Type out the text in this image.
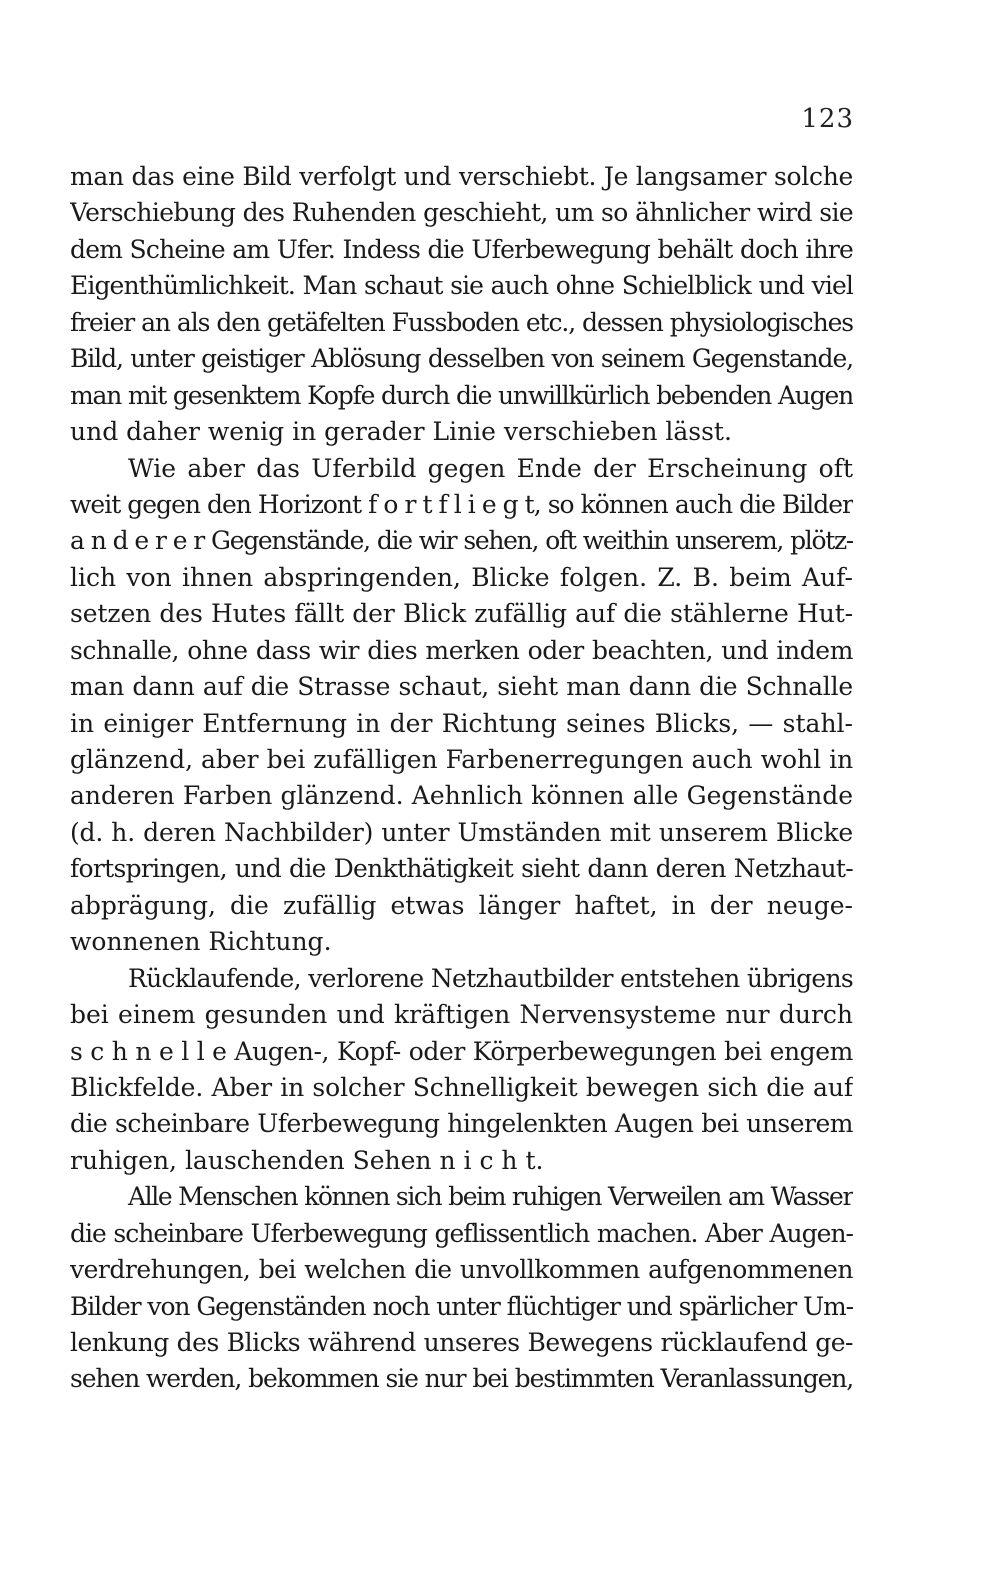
123
man das eine Bild verfolgt und verschiebt. Je langsamer solche
Verschiebung des Ruhenden geschieht, um so ähnlicher wird sie
dem Scheine am Ufer. Indess die Uferbewegung behält doch ihre
Eigenthümlichkeit. Man schaut sie auch ohne Schielblick und viel
freier an als den getäfelten Fussboden etc., dessen physiologisches
Bild, unter geistiger Ablösung desselben von seinem Gegenstande,
man mit gesenktem Kopfe durch die unwillkürlich bebenden Augen
und daher wenig in gerader Linie verschieben lässt.
Wie aber das Uferbild gegen Ende der Erscheinung oft
weit gegen den Horizont f o r t f l i e g t, so können auch die Bilder
a n d e r e r Gegenstände, die wir sehen, oft weithin unserem, plötz-
lich von ihnen abspringenden, Blicke folgen. Z. B. beim Auf-
setzen des Hutes fällt der Blick zufällig auf die stählerne Hut-
schnalle, ohne dass wir dies merken oder beachten, und indem
man dann auf die Strasse schaut, sieht man dann die Schnalle
in einiger Entfernung in der Richtung seines Blicks, — stahl-
glänzend, aber bei zufälligen Farbenerregungen auch wohl in
anderen Farben glänzend. Aehnlich können alle Gegenstände
(d. h. deren Nachbilder) unter Umständen mit unserem Blicke
fortspringen, und die Denkthätigkeit sieht dann deren Netzhaut-
abprägung, die zufällig etwas länger haftet, in der neuge-
wonnenen Richtung.
Rücklaufende, verlorene Netzhautbilder entstehen übrigens
bei einem gesunden und kräftigen Nervensysteme nur durch
s c h n e l l e Augen-, Kopf- oder Körperbewegungen bei engem
Blickfelde. Aber in solcher Schnelligkeit bewegen sich die auf
die scheinbare Uferbewegung hingelenkten Augen bei unserem
ruhigen, lauschenden Sehen n i c h t.
Alle Menschen können sich beim ruhigen Verweilen am Wasser
die scheinbare Uferbewegung geflissentlich machen. Aber Augen-
verdrehungen, bei welchen die unvollkommen aufgenommenen
Bilder von Gegenständen noch unter flüchtiger und spärlicher Um-
lenkung des Blicks während unseres Bewegens rücklaufend ge-
sehen werden, bekommen sie nur bei bestimmten Veranlassungen,
